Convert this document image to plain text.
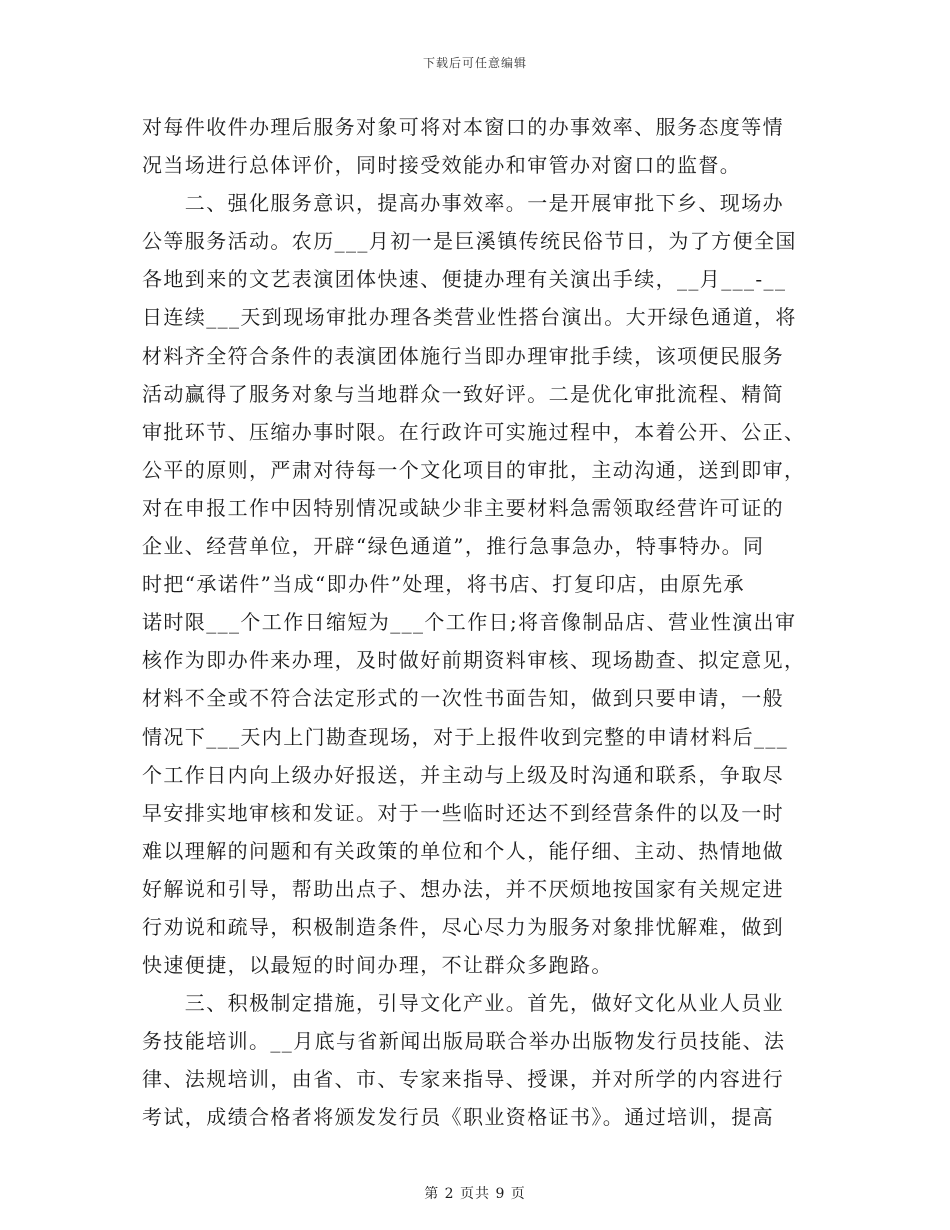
下载后可任意编辑
对每件收件办理后服务对象可将对本窗口的办事效率、服务态度等情
况当场进行总体评价，同时接受效能办和审管办对窗口的监督。
　　二、强化服务意识，提高办事效率。一是开展审批下乡、现场办
公等服务活动。农历___月初一是巨溪镇传统民俗节日，为了方便全国
各地到来的文艺表演团体快速、便捷办理有关演出手续，__月___-__
日连续___天到现场审批办理各类营业性搭台演出。大开绿色通道，将
材料齐全符合条件的表演团体施行当即办理审批手续，该项便民服务
活动赢得了服务对象与当地群众一致好评。二是优化审批流程、精简
审批环节、压缩办事时限。在行政许可实施过程中，本着公开、公正、
公平的原则，严肃对待每一个文化项目的审批，主动沟通，送到即审，
对在申报工作中因特别情况或缺少非主要材料急需领取经营许可证的
企业、经营单位，开辟“绿色通道”，推行急事急办，特事特办。同
时把“承诺件”当成“即办件”处理，将书店、打复印店，由原先承
诺时限___个工作日缩短为___个工作日;将音像制品店、营业性演出审
核作为即办件来办理，及时做好前期资料审核、现场勘查、拟定意见，
材料不全或不符合法定形式的一次性书面告知，做到只要申请，一般
情况下___天内上门勘查现场，对于上报件收到完整的申请材料后___
个工作日内向上级办好报送，并主动与上级及时沟通和联系，争取尽
早安排实地审核和发证。对于一些临时还达不到经营条件的以及一时
难以理解的问题和有关政策的单位和个人，能仔细、主动、热情地做
好解说和引导，帮助出点子、想办法，并不厌烦地按国家有关规定进
行劝说和疏导，积极制造条件，尽心尽力为服务对象排忧解难，做到
快速便捷，以最短的时间办理，不让群众多跑路。
　　三、积极制定措施，引导文化产业。首先，做好文化从业人员业
务技能培训。__月底与省新闻出版局联合举办出版物发行员技能、法
律、法规培训，由省、市、专家来指导、授课，并对所学的内容进行
考试，成绩合格者将颁发发行员《职业资格证书》。通过培训，提高
第 2 页共 9 页
